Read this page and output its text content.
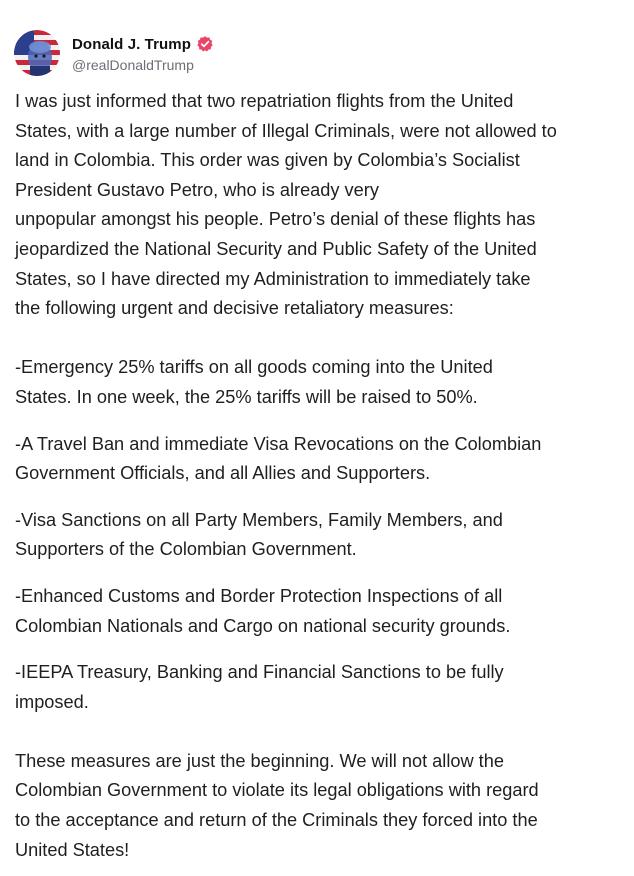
Donald J. Trump
@realDonaldTrump
I was just informed that two repatriation flights from the United
States, with a large number of Illegal Criminals, were not allowed to
land in Colombia. This order was given by Colombia’s Socialist
President Gustavo Petro, who is already very
unpopular amongst his people. Petro’s denial of these flights has
jeopardized the National Security and Public Safety of the United
States, so I have directed my Administration to immediately take
the following urgent and decisive retaliatory measures:
-Emergency 25% tariffs on all goods coming into the United
States. In one week, the 25% tariffs will be raised to 50%.
-A Travel Ban and immediate Visa Revocations on the Colombian
Government Officials, and all Allies and Supporters.
-Visa Sanctions on all Party Members, Family Members, and
Supporters of the Colombian Government.
-Enhanced Customs and Border Protection Inspections of all
Colombian Nationals and Cargo on national security grounds.
-IEEPA Treasury, Banking and Financial Sanctions to be fully
imposed.
These measures are just the beginning. We will not allow the
Colombian Government to violate its legal obligations with regard
to the acceptance and return of the Criminals they forced into the
United States!
